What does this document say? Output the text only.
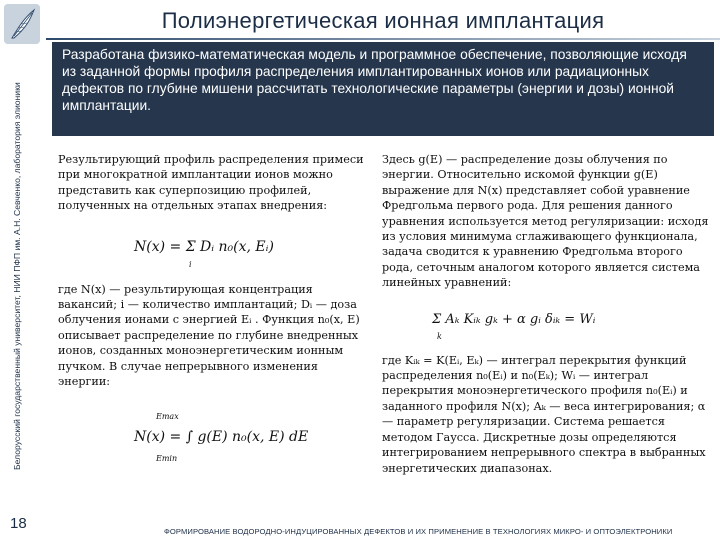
Белорусский государственный университет, НИИ ПФП им. А.Н. Севченко, лаборатория элионики
18
Полиэнергетическая ионная имплантация
Разработана физико-математическая модель и программное обеспечение, позволяющие исходя из заданной формы профиля распределения имплантированных ионов или радиационных дефектов по глубине мишени рассчитать технологические параметры (энергии и дозы) ионной имплантации.

Результирующий профиль распределения примеси при многократной имплантации ионов можно представить как суперпозицию профилей, полученных на отдельных этапах внедрения:

N(x) = Σ Dᵢ n₀(x, Eᵢ)
i

где N(x) — результирующая концентрация вакансий; i — количество имплантаций; Dᵢ — доза облучения ионами с энергией Eᵢ . Функция n₀(x, E) описывает распределение по глубине внедренных ионов, созданных моноэнергетическим ионным пучком. В случае непрерывного изменения энергии:

Emax
N(x) = ∫ g(E) n₀(x, E) dE
Emin

Здесь g(E) — распределение дозы облучения по энергии. Относительно искомой функции g(E) выражение для N(x) представляет собой уравнение Фредгольма первого рода. Для решения данного уравнения используется метод регуляризации: исходя из условия минимума сглаживающего функционала, задача сводится к уравнению Фредгольма второго рода, сеточным аналогом которого является система линейных уравнений:

Σ Aₖ Kᵢₖ gₖ + α gᵢ δᵢₖ = Wᵢ
k

где Kᵢₖ = K(Eᵢ, Eₖ) — интеграл перекрытия функций распределения n₀(Eᵢ) и n₀(Eₖ); Wᵢ — интеграл перекрытия моноэнергетического профиля n₀(Eᵢ) и заданного профиля N(x); Aₖ — веса интегрирования; α — параметр регуляризации. Система решается методом Гаусса. Дискретные дозы определяются интегрированием непрерывного спектра в выбранных энергетических диапазонах.

ФОРМИРОВАНИЕ ВОДОРОДНО-ИНДУЦИРОВАННЫХ ДЕФЕКТОВ И ИХ ПРИМЕНЕНИЕ В ТЕХНОЛОГИЯХ МИКРО- И ОПТОЭЛЕКТРОНИКИ
